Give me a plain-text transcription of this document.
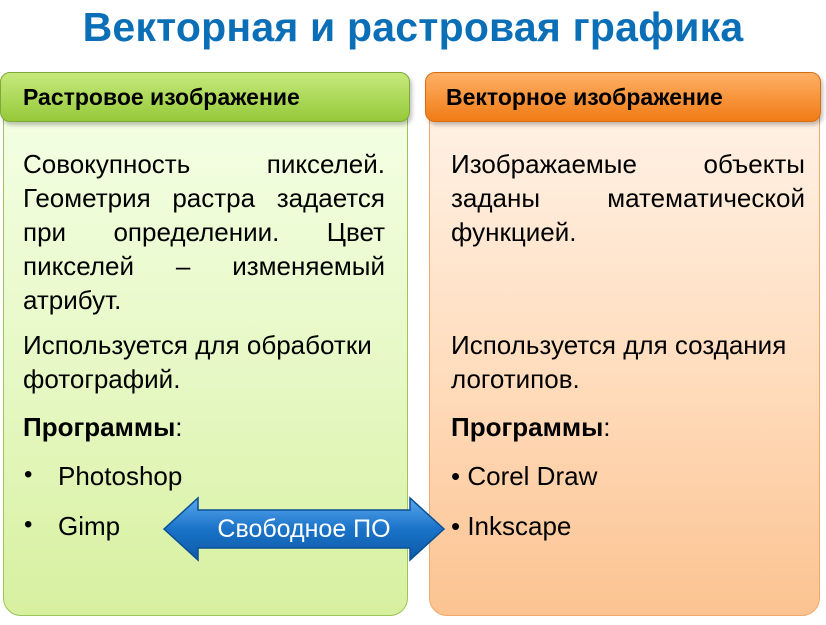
Векторная и растровая графика
Растровое изображение
Совокупность пикселей. Геометрия растра задается при определении. Цвет пикселей – изменяемый атрибут.
Используется для обработки фотографий.
Программы:
• Photoshop
• Gimp
Векторное изображение
Изображаемые объекты заданы математической функцией.
Используется для создания логотипов.
Программы:
• Corel Draw
• Inkscape
Свободное ПО
